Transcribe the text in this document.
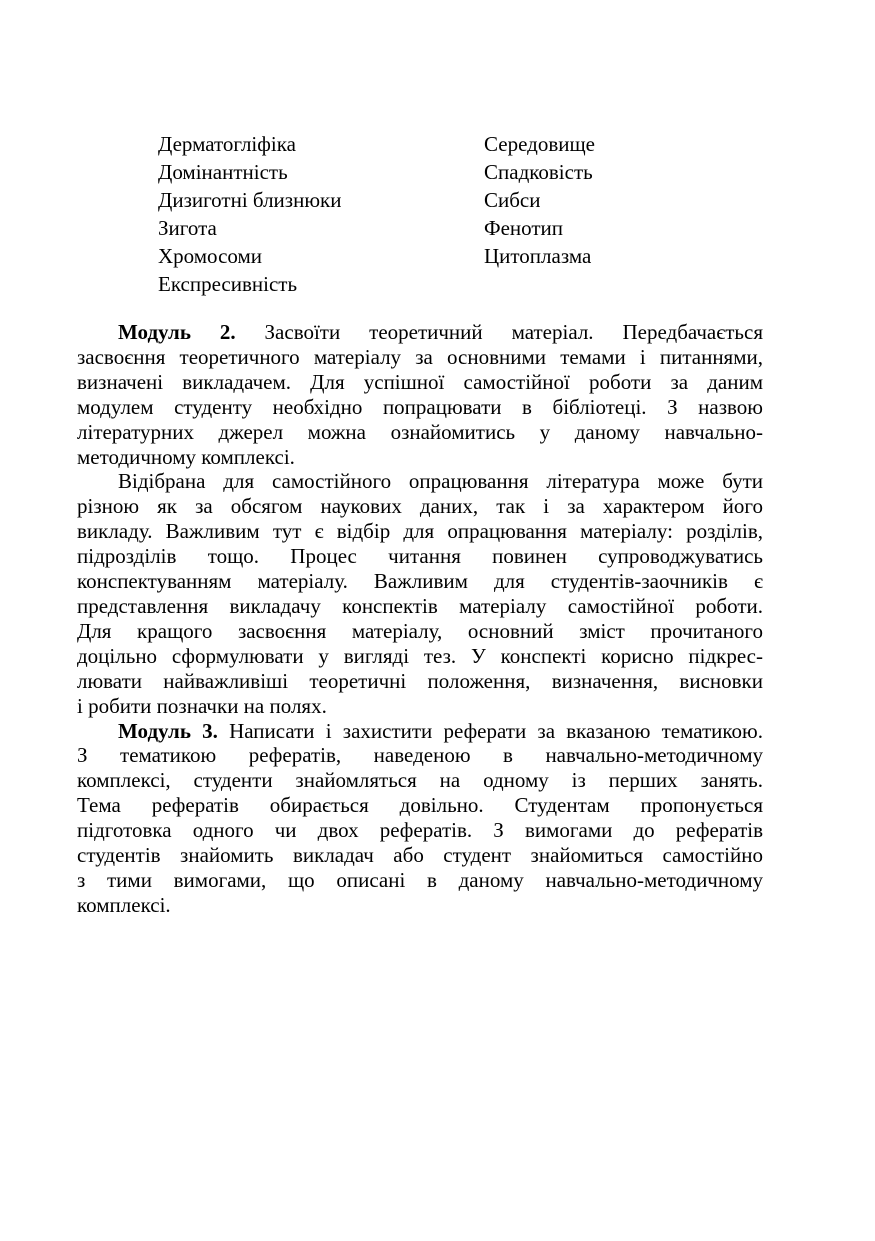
Дерматогліфіка
Домінантність
Дизиготні близнюки
Зигота
Хромосоми
Експресивність
Середовище
Спадковість
Сибси
Фенотип
Цитоплазма
Модуль 2. Засвоїти теоретичний матеріал. Передбачається
засвоєння теоретичного матеріалу за основними темами і питаннями,
визначені викладачем. Для успішної самостійної роботи за даним
модулем студенту необхідно попрацювати в бібліотеці. З назвою
літературних джерел можна ознайомитись у даному навчально-
методичному комплексі.
Відібрана для самостійного опрацювання література може бути
різною як за обсягом наукових даних, так і за характером його
викладу. Важливим тут є відбір для опрацювання матеріалу: розділів,
підрозділів тощо. Процес читання повинен супроводжуватись
конспектуванням матеріалу. Важливим для студентів-заочників є
представлення викладачу конспектів матеріалу самостійної роботи.
Для кращого засвоєння матеріалу, основний зміст прочитаного
доцільно сформулювати у вигляді тез. У конспекті корисно підкрес-
лювати найважливіші теоретичні положення, визначення, висновки
і робити позначки на полях.
Модуль 3. Написати і захистити реферати за вказаною тематикою.
З тематикою рефератів, наведеною в навчально-методичному
комплексі, студенти знайомляться на одному із перших занять.
Тема рефератів обирається довільно. Студентам пропонується
підготовка одного чи двох рефератів. З вимогами до рефератів
студентів знайомить викладач або студент знайомиться самостійно
з тими вимогами, що описані в даному навчально-методичному
комплексі.
